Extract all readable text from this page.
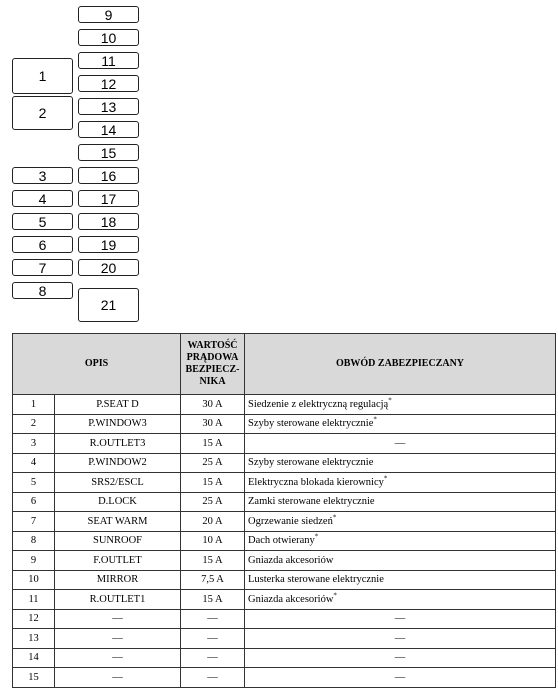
1
2
3
4
5
6
7
8
9
10
11
12
13
14
15
16
17
18
19
20
21
OPIS		WARTOŚĆ
PRĄDOWA
BEZPIECZ-
NIKA	OBWÓD ZABEZPIECZANY
1	P.SEAT D	30 A	Siedzenie z elektryczną regulacją*
2	P.WINDOW3	30 A	Szyby sterowane elektrycznie*
3	R.OUTLET3	15 A	—
4	P.WINDOW2	25 A	Szyby sterowane elektrycznie
5	SRS2/ESCL	15 A	Elektryczna blokada kierownicy*
6	D.LOCK	25 A	Zamki sterowane elektrycznie
7	SEAT WARM	20 A	Ogrzewanie siedzeń*
8	SUNROOF	10 A	Dach otwierany*
9	F.OUTLET	15 A	Gniazda akcesoriów
10	MIRROR	7,5 A	Lusterka sterowane elektrycznie
11	R.OUTLET1	15 A	Gniazda akcesoriów*
12	—	—	—
13	—	—	—
14	—	—	—
15	—	—	—
